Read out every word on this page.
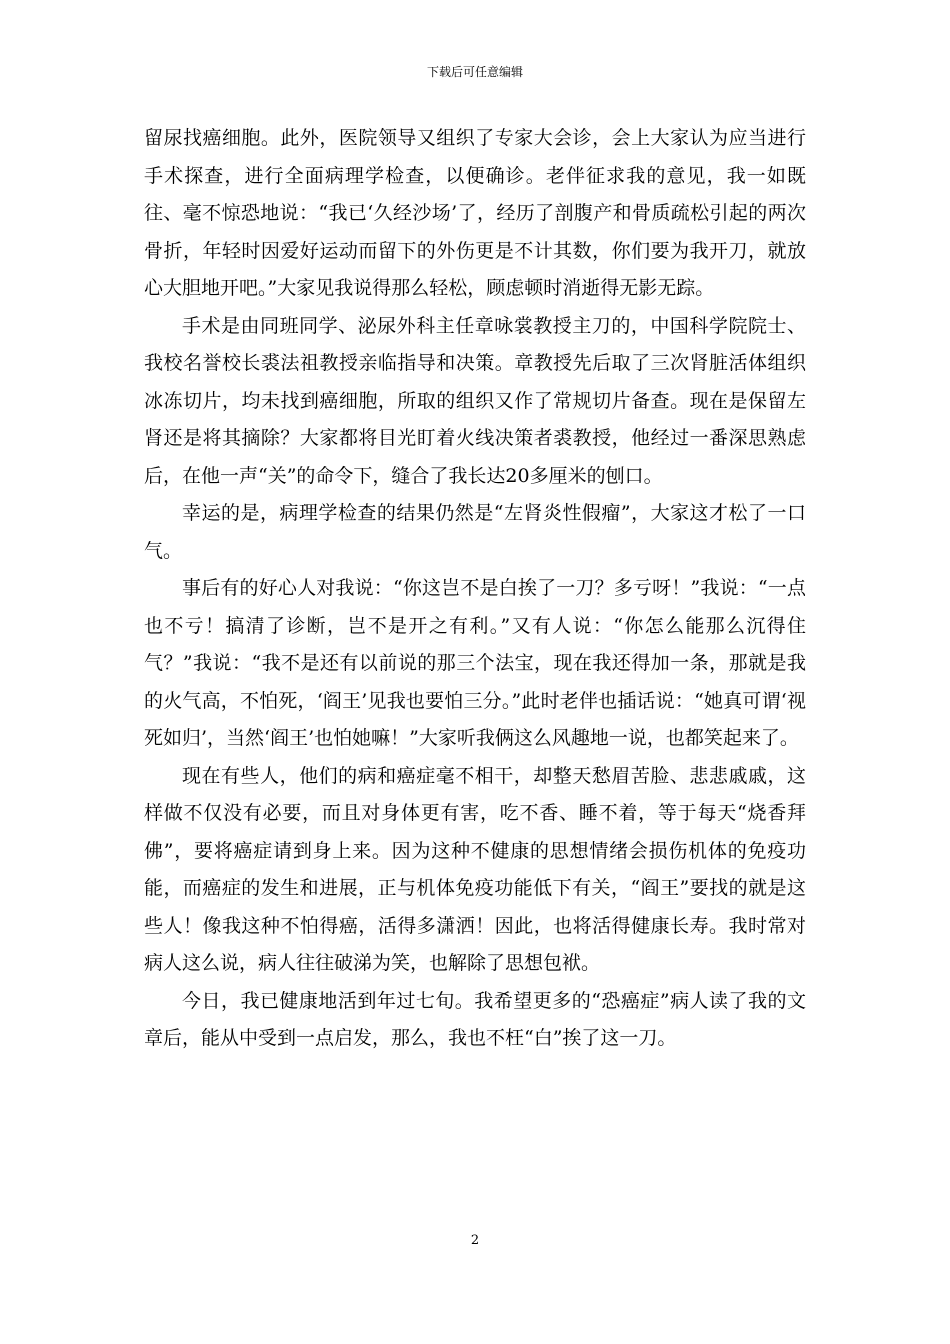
下载后可任意编辑

留尿找癌细胞。此外，医院领导又组织了专家大会诊，会上大家认为应当进行手术探查，进行全面病理学检查，以便确诊。老伴征求我的意见，我一如既往、毫不惊恐地说：“我已‘久经沙场’了，经历了剖腹产和骨质疏松引起的两次骨折，年轻时因爱好运动而留下的外伤更是不计其数，你们要为我开刀，就放心大胆地开吧。”大家见我说得那么轻松，顾虑顿时消逝得无影无踪。

手术是由同班同学、泌尿外科主任章咏裳教授主刀的，中国科学院院士、我校名誉校长裘法祖教授亲临指导和决策。章教授先后取了三次肾脏活体组织冰冻切片，均未找到癌细胞，所取的组织又作了常规切片备查。现在是保留左肾还是将其摘除？大家都将目光盯着火线决策者裘教授，他经过一番深思熟虑后，在他一声“关”的命令下，缝合了我长达20多厘米的刨口。

幸运的是，病理学检查的结果仍然是“左肾炎性假瘤”，大家这才松了一口气。

事后有的好心人对我说：“你这岂不是白挨了一刀？多亏呀！”我说：“一点也不亏！搞清了诊断，岂不是开之有利。”又有人说：“你怎么能那么沉得住气？”我说：“我不是还有以前说的那三个法宝，现在我还得加一条，那就是我的火气高，不怕死，‘阎王’见我也要怕三分。”此时老伴也插话说：“她真可谓‘视死如归’，当然‘阎王’也怕她嘛！”大家听我俩这么风趣地一说，也都笑起来了。

现在有些人，他们的病和癌症毫不相干，却整天愁眉苦脸、悲悲戚戚，这样做不仅没有必要，而且对身体更有害，吃不香、睡不着，等于每天“烧香拜佛”，要将癌症请到身上来。因为这种不健康的思想情绪会损伤机体的免疫功能，而癌症的发生和进展，正与机体免疫功能低下有关，“阎王”要找的就是这些人！像我这种不怕得癌，活得多潇洒！因此，也将活得健康长寿。我时常对病人这么说，病人往往破涕为笑，也解除了思想包袱。

今日，我已健康地活到年过七旬。我希望更多的“恐癌症”病人读了我的文章后，能从中受到一点启发，那么，我也不枉“白”挨了这一刀。

2
